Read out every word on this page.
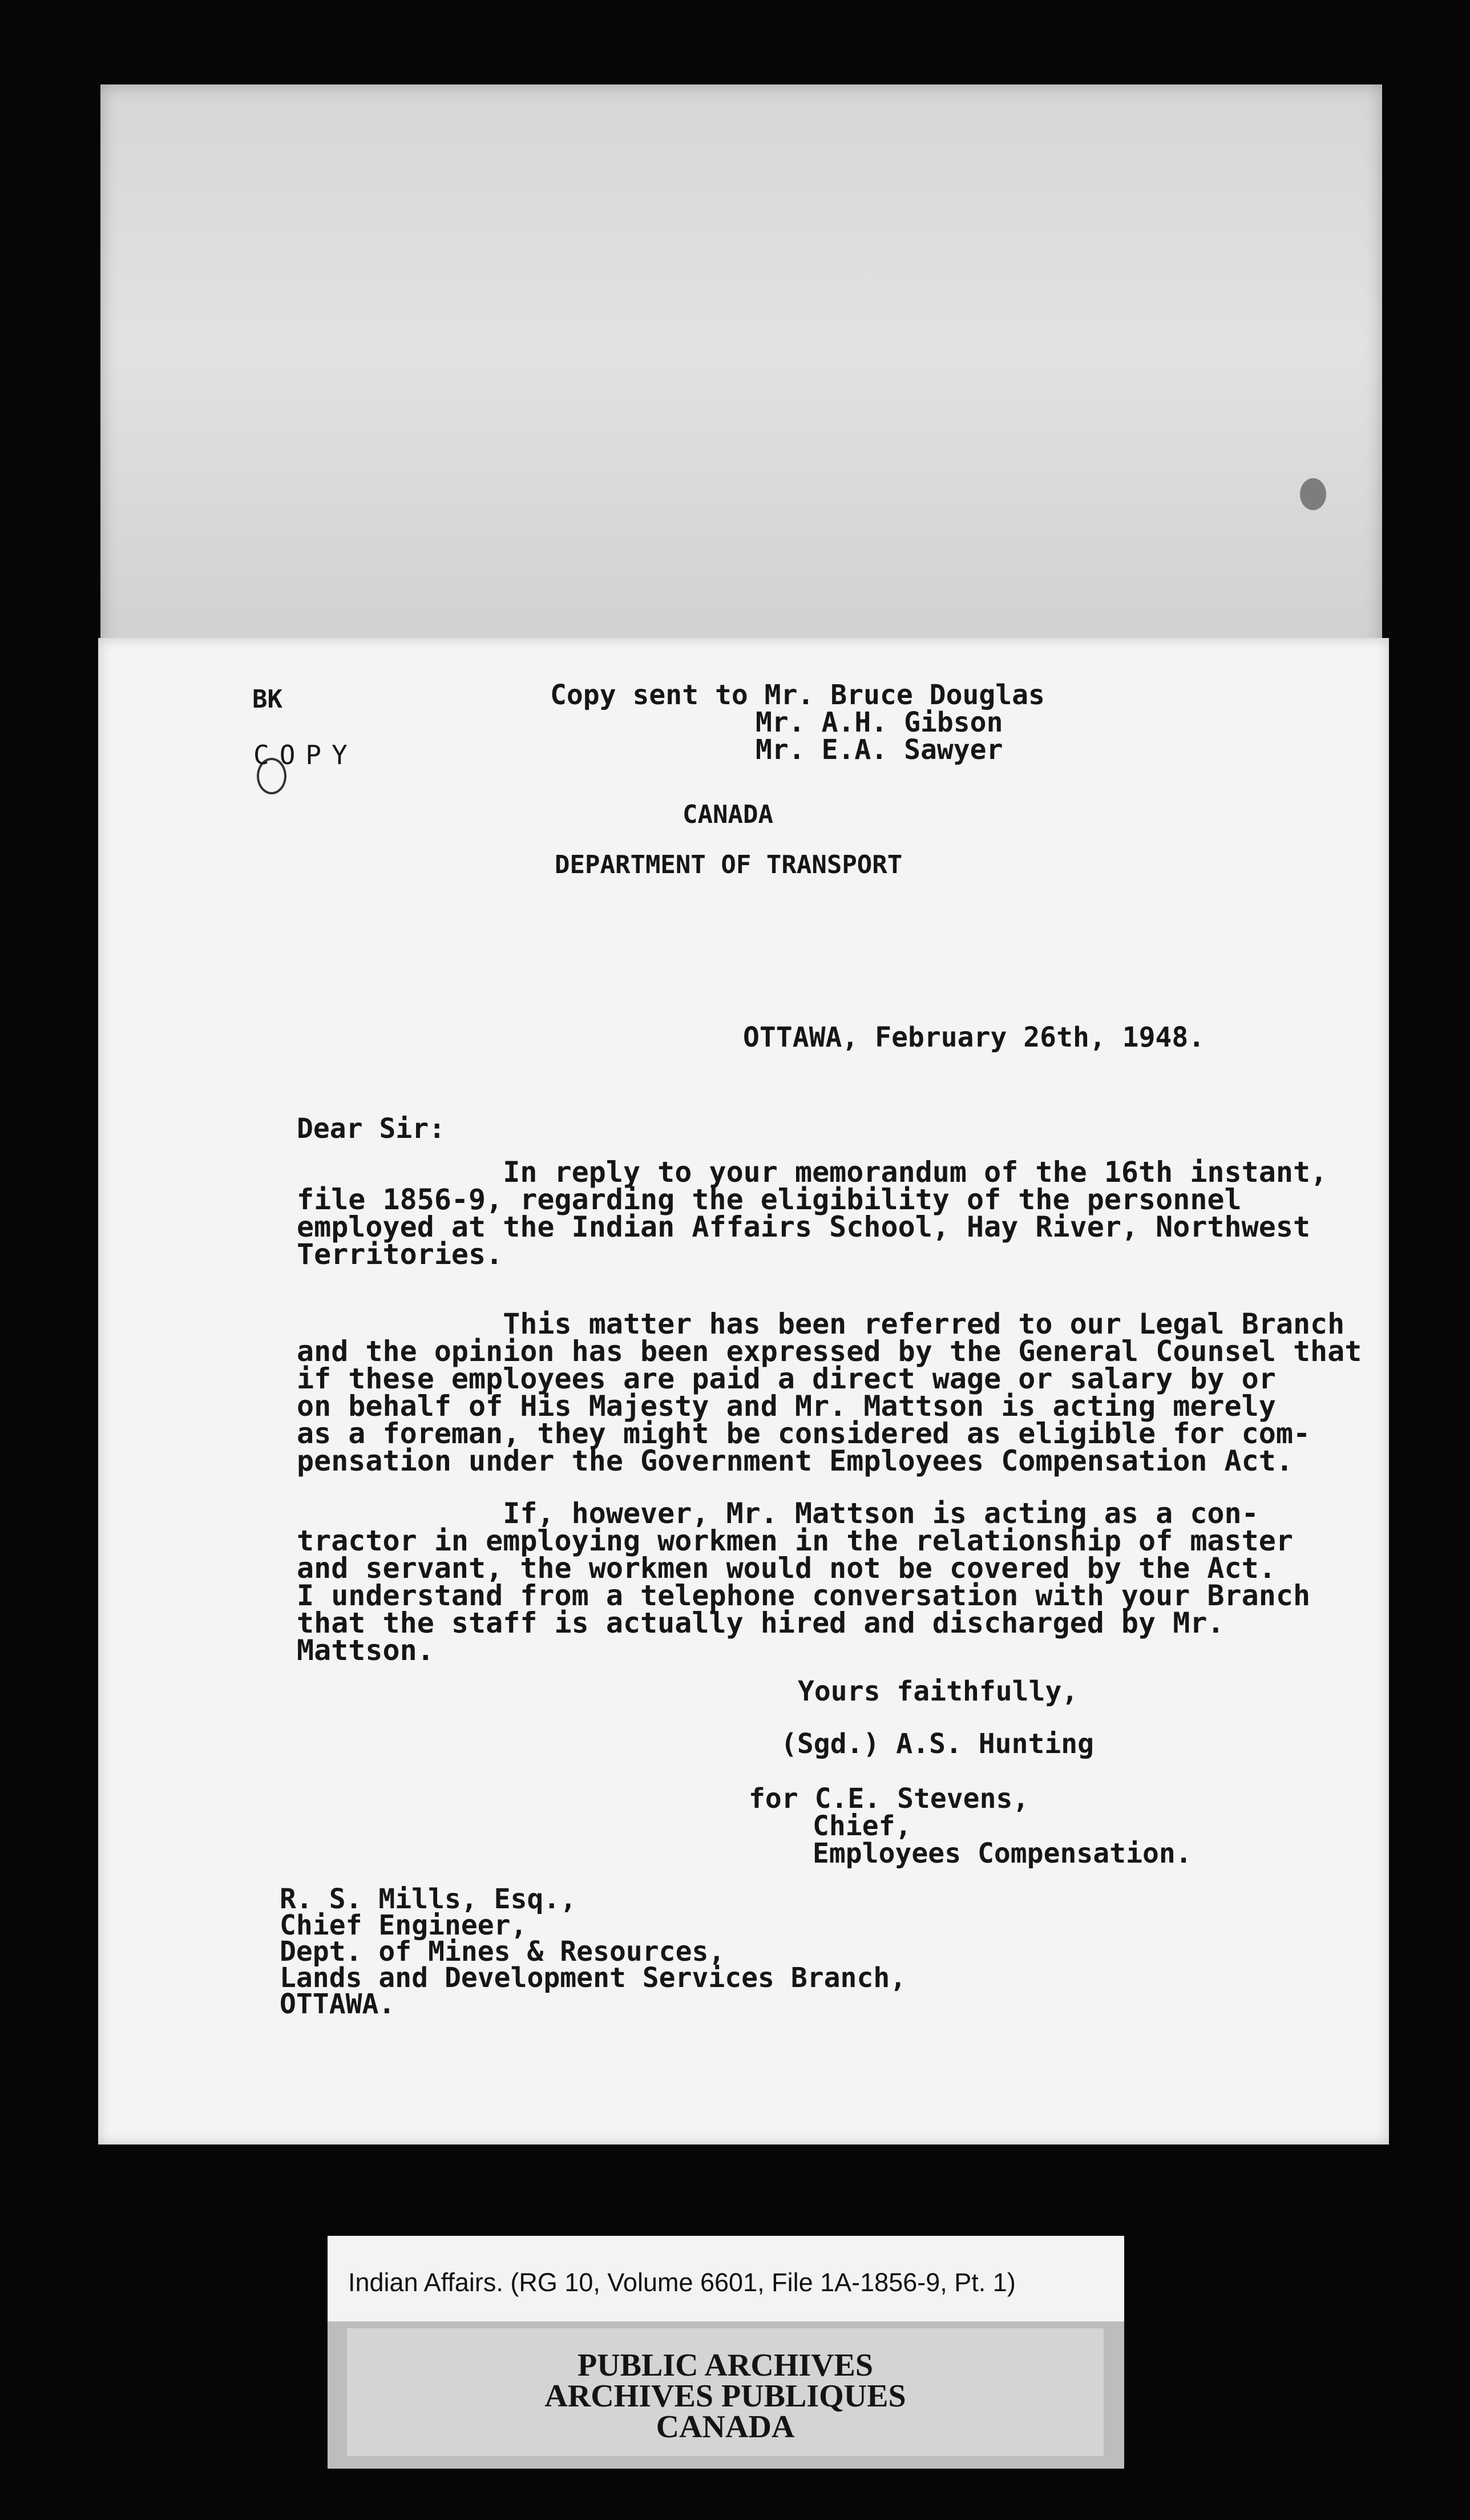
BK
COPY
Copy sent to Mr. Bruce Douglas
Mr. A.H. Gibson
Mr. E.A. Sawyer
CANADA
DEPARTMENT OF TRANSPORT
OTTAWA, February 26th, 1948.
Dear Sir:
In reply to your memorandum of the 16th instant,
file 1856-9, regarding the eligibility of the personnel
employed at the Indian Affairs School, Hay River, Northwest
Territories.
This matter has been referred to our Legal Branch
and the opinion has been expressed by the General Counsel that
if these employees are paid a direct wage or salary by or
on behalf of His Majesty and Mr. Mattson is acting merely
as a foreman, they might be considered as eligible for com-
pensation under the Government Employees Compensation Act.
If, however, Mr. Mattson is acting as a con-
tractor in employing workmen in the relationship of master
and servant, the workmen would not be covered by the Act.
I understand from a telephone conversation with your Branch
that the staff is actually hired and discharged by Mr.
Mattson.
Yours faithfully,
(Sgd.) A.S. Hunting
for C.E. Stevens,
Chief,
Employees Compensation.
R. S. Mills, Esq.,
Chief Engineer,
Dept. of Mines & Resources,
Lands and Development Services Branch,
OTTAWA.
Indian Affairs. (RG 10, Volume 6601, File 1A-1856-9, Pt. 1)
PUBLIC ARCHIVES
ARCHIVES PUBLIQUES
CANADA
